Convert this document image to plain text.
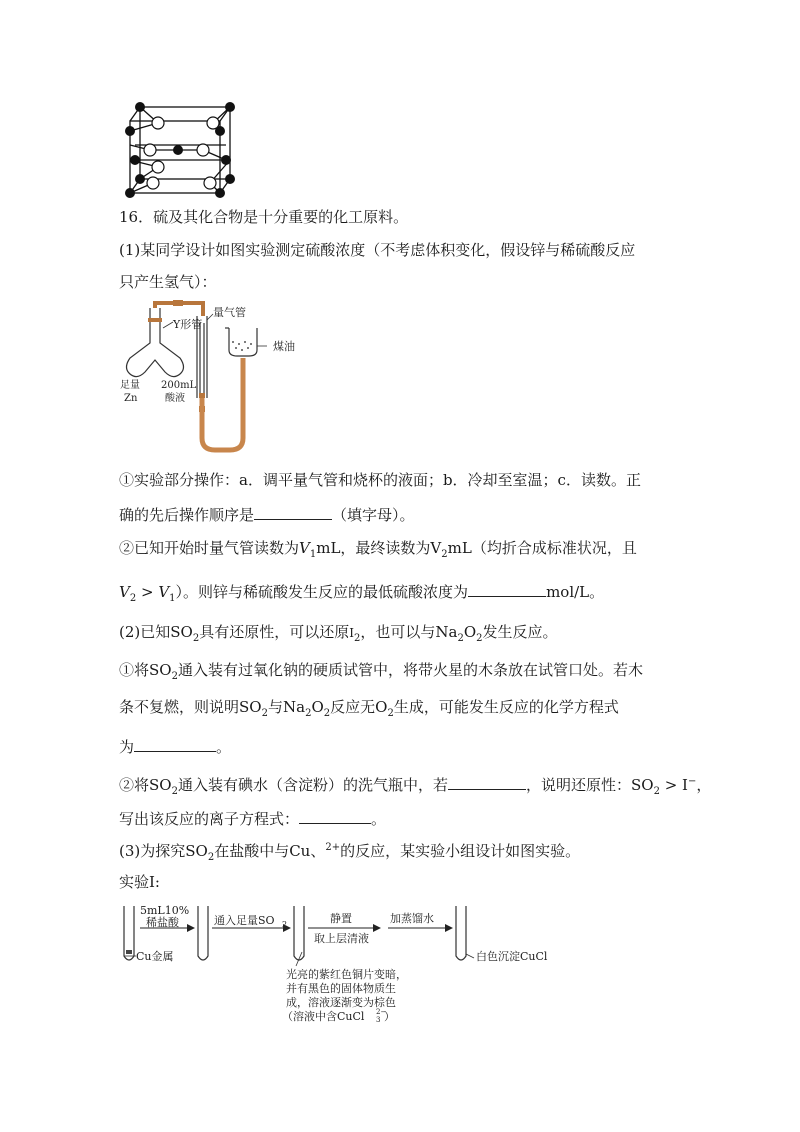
16．硫及其化合物是十分重要的化工原料。
(1)某同学设计如图实验测定硫酸浓度（不考虑体积变化，假设锌与稀硫酸反应
只产生氢气）：
Y形管
量气管
煤油
足量
Zn
200mL
酸液
①实验部分操作：a．调平量气管和烧杯的液面；b．冷却至室温；c．读数。正
确的先后操作顺序是	（填字母）。
②已知开始时量气管读数为$V_1mL$，最终读数为$V_2mL$（均折合成标准状况，且
$V_2 > V_1$）。则锌与稀硫酸发生反应的最低硫酸浓度为	mol/L。
(2)已知$SO_2$具有还原性，可以还原$I_2$，也可以与$Na_2O_2$发生反应。
①将$SO_2$通入装有过氧化钠的硬质试管中，将带火星的木条放在试管口处。若木
条不复燃，则说明$SO_2$与$Na_2O_2$反应无$O_2$生成，可能发生反应的化学方程式
为	。
②将$SO_2$通入装有碘水（含淀粉）的洗气瓶中，若	，说明还原性：$SO_2 > I^-$，
写出该反应的离子方程式：	。
(3)为探究$SO_2$在盐酸中与Cu、$^{2+}$的反应，某实验小组设计如图实验。
实验Ⅰ:
5mL10%
稀盐酸
Cu金属
通入足量SO 2	静置
取上层清液
加蒸馏水
白色沉淀CuCl
光亮的紫红色铜片变暗，
并有黑色的固体物质生
成，溶液逐渐变为棕色
（溶液中含CuCl 3
2−
）
